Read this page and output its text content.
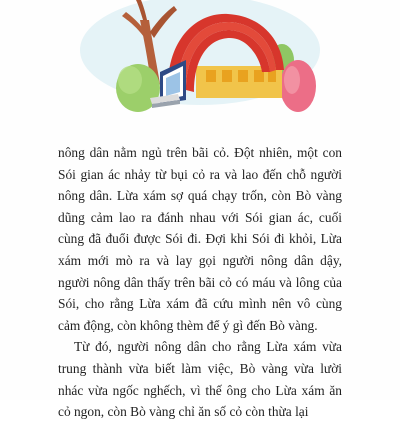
nông dân nằm ngủ trên bãi cỏ. Đột nhiên, một con Sói gian ác nhảy từ bụi cỏ ra và lao đến chỗ người nông dân. Lừa xám sợ quá chạy trốn, còn Bò vàng dũng cảm lao ra đánh nhau với Sói gian ác, cuối cùng đã đuổi được Sói đi. Đợi khi Sói đi khỏi, Lừa xám mới mò ra và lay gọi người nông dân dậy, người nông dân thấy trên bãi cỏ có máu và lông của Sói, cho rằng Lừa xám đã cứu mình nên vô cùng cảm động, còn không thèm để ý gì đến Bò vàng.

Từ đó, người nông dân cho rằng Lừa xám vừa trung thành vừa biết làm việc, Bò vàng vừa lười nhác vừa ngốc nghếch, vì thế ông cho Lừa xám ăn cỏ ngon, còn Bò vàng chỉ ăn số cỏ còn thừa lại
